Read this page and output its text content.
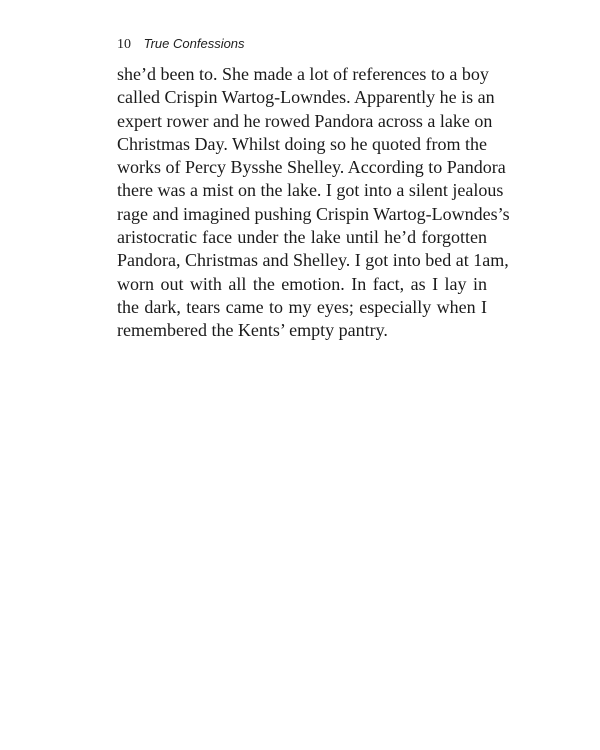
10 True Confessions
she’d been to. She made a lot of references to a boy
called Crispin Wartog-Lowndes. Apparently he is an
expert rower and he rowed Pandora across a lake on
Christmas Day. Whilst doing so he quoted from the
works of Percy Bysshe Shelley. According to Pandora
there was a mist on the lake. I got into a silent jealous
rage and imagined pushing Crispin Wartog-Lowndes’s
aristocratic face under the lake until he’d forgotten
Pandora, Christmas and Shelley. I got into bed at 1am,
worn out with all the emotion. In fact, as I lay in
the dark, tears came to my eyes; especially when I
remembered the Kents’ empty pantry.
